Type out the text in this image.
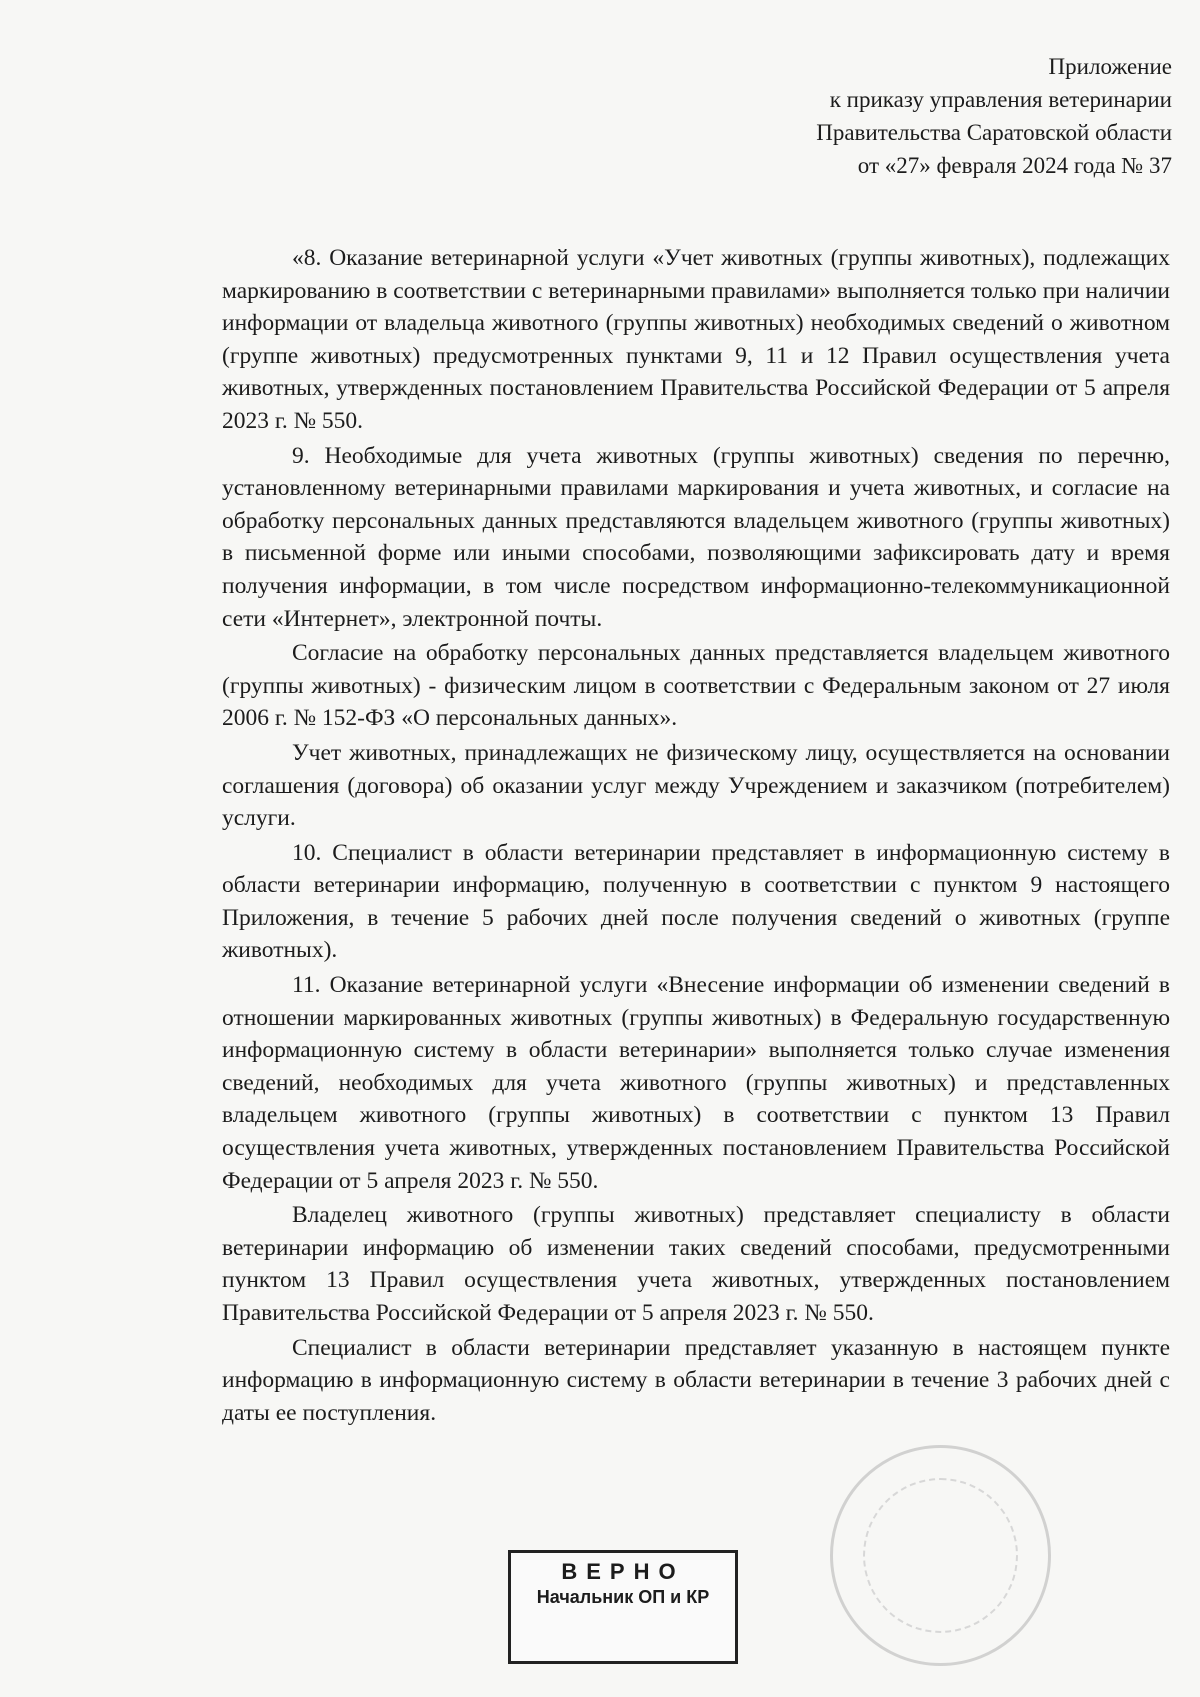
Приложение
к приказу управления ветеринарии
Правительства Саратовской области
от «27» февраля 2024 года № 37

«8. Оказание ветеринарной услуги «Учет животных (группы животных), подлежащих маркированию в соответствии с ветеринарными правилами» выполняется только при наличии информации от владельца животного (группы животных) необходимых сведений о животном (группе животных) предусмотренных пунктами 9, 11 и 12 Правил осуществления учета животных, утвержденных постановлением Правительства Российской Федерации от 5 апреля 2023 г. № 550.

9. Необходимые для учета животных (группы животных) сведения по перечню, установленному ветеринарными правилами маркирования и учета животных, и согласие на обработку персональных данных представляются владельцем животного (группы животных) в письменной форме или иными способами, позволяющими зафиксировать дату и время получения информации, в том числе посредством информационно-телекоммуникационной сети «Интернет», электронной почты.

Согласие на обработку персональных данных представляется владельцем животного (группы животных) - физическим лицом в соответствии с Федеральным законом от 27 июля 2006 г. № 152-ФЗ «О персональных данных».

Учет животных, принадлежащих не физическому лицу, осуществляется на основании соглашения (договора) об оказании услуг между Учреждением и заказчиком (потребителем) услуги.

10. Специалист в области ветеринарии представляет в информационную систему в области ветеринарии информацию, полученную в соответствии с пунктом 9 настоящего Приложения, в течение 5 рабочих дней после получения сведений о животных (группе животных).

11. Оказание ветеринарной услуги «Внесение информации об изменении сведений в отношении маркированных животных (группы животных) в Федеральную государственную информационную систему в области ветеринарии» выполняется только случае изменения сведений, необходимых для учета животного (группы животных) и представленных владельцем животного (группы животных) в соответствии с пунктом 13 Правил осуществления учета животных, утвержденных постановлением Правительства Российской Федерации от 5 апреля 2023 г. № 550.

Владелец животного (группы животных) представляет специалисту в области ветеринарии информацию об изменении таких сведений способами, предусмотренными пунктом 13 Правил осуществления учета животных, утвержденных постановлением Правительства Российской Федерации от 5 апреля 2023 г. № 550.

Специалист в области ветеринарии представляет указанную в настоящем пункте информацию в информационную систему в области ветеринарии в течение 3 рабочих дней с даты ее поступления.

ВЕРНО
Начальник ОП и КР
